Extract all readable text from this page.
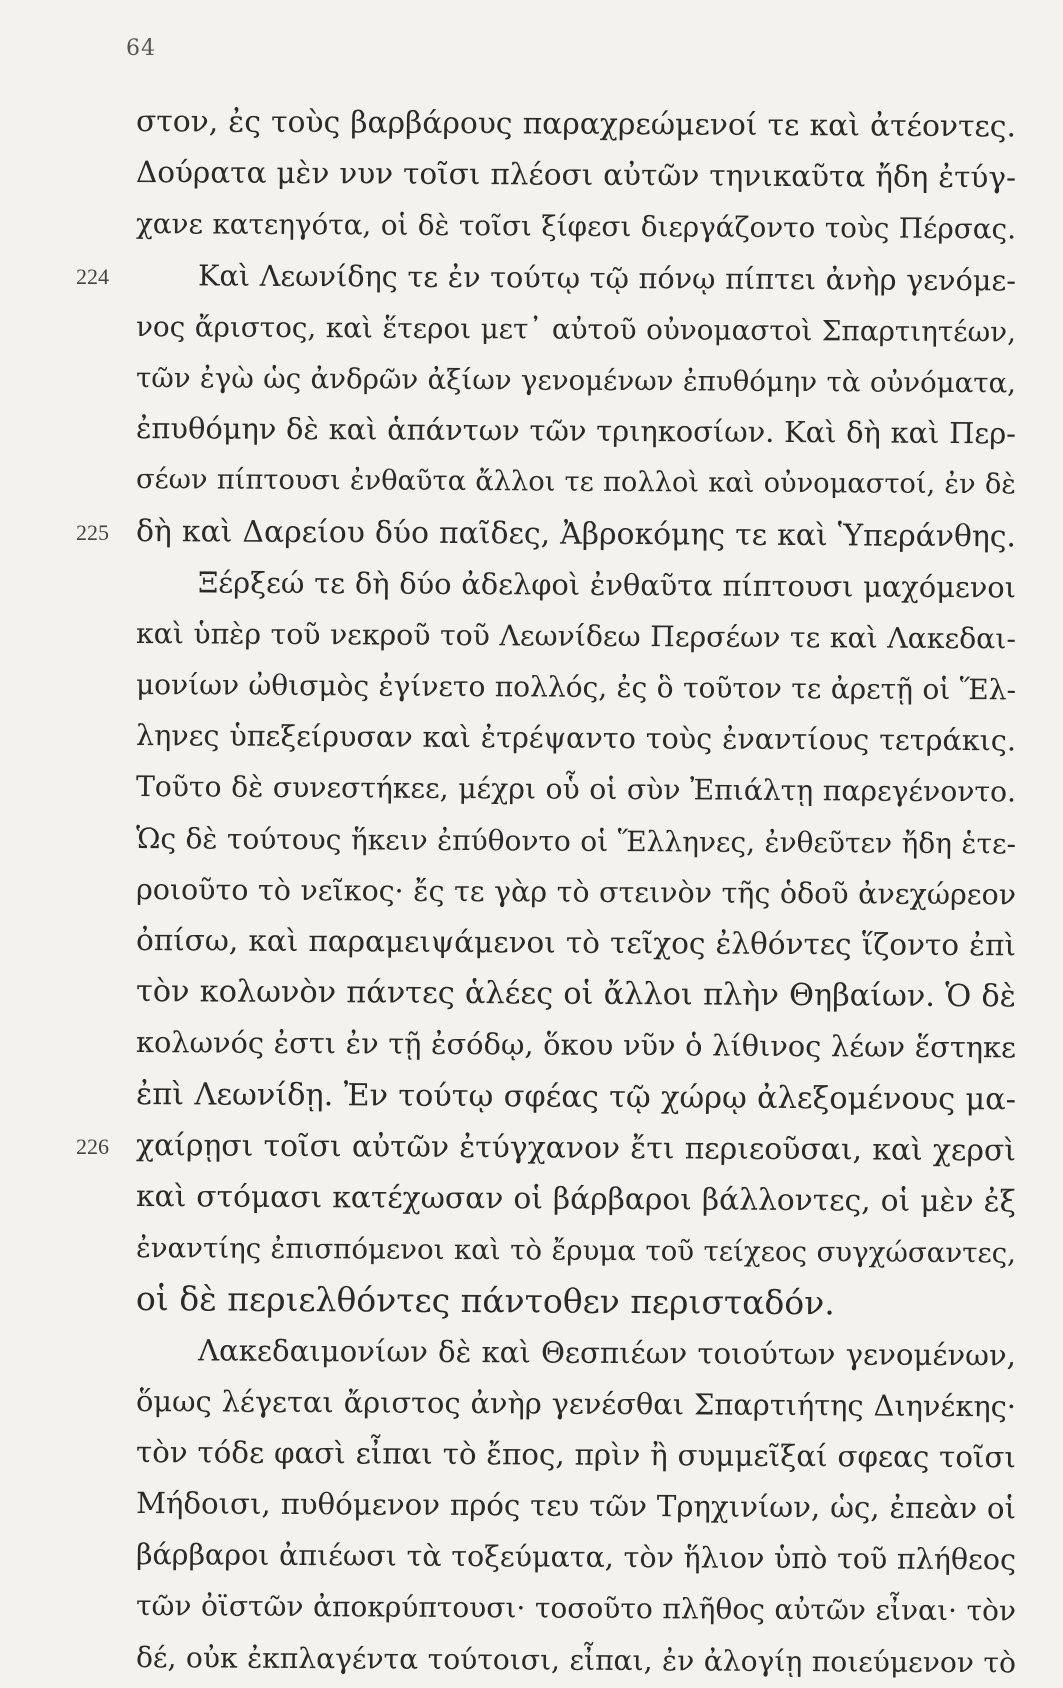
64
στον, ἐς τοὺς βαρβάρους παραχρεώμενοί τε καὶ ἀτέοντες.
Δούρατα μὲν νυν τοῖσι πλέοσι αὐτῶν τηνικαῦτα ἤδη ἐτύγ-
χανε κατεηγότα, οἱ δὲ τοῖσι ξίφεσι διεργάζοντο τοὺς Πέρσας.
Καὶ Λεωνίδης τε ἐν τούτῳ τῷ πόνῳ πίπτει ἀνὴρ γενόμε-
νος ἄριστος, καὶ ἕτεροι μετ᾽ αὐτοῦ οὐνομαστοὶ Σπαρτιητέων,
τῶν ἐγὼ ὡς ἀνδρῶν ἀξίων γενομένων ἐπυθόμην τὰ οὐνόματα,
ἐπυθόμην δὲ καὶ ἁπάντων τῶν τριηκοσίων. Καὶ δὴ καὶ Περ-
σέων πίπτουσι ἐνθαῦτα ἄλλοι τε πολλοὶ καὶ οὐνομαστοί, ἐν δὲ
δὴ καὶ Δαρείου δύο παῖδες, Ἀβροκόμης τε καὶ Ὑπεράνθης.
Ξέρξεώ τε δὴ δύο ἀδελφοὶ ἐνθαῦτα πίπτουσι μαχόμενοι
καὶ ὑπὲρ τοῦ νεκροῦ τοῦ Λεωνίδεω Περσέων τε καὶ Λακεδαι-
μονίων ὠθισμὸς ἐγίνετο πολλός, ἐς ὃ τοῦτον τε ἀρετῇ οἱ Ἕλ-
ληνες ὑπεξείρυσαν καὶ ἐτρέψαντο τοὺς ἐναντίους τετράκις.
Τοῦτο δὲ συνεστήκεε, μέχρι οὗ οἱ σὺν Ἐπιάλτῃ παρεγένοντο.
Ὡς δὲ τούτους ἥκειν ἐπύθοντο οἱ Ἕλληνες, ἐνθεῦτεν ἤδη ἑτε-
ροιοῦτο τὸ νεῖκος· ἔς τε γὰρ τὸ στεινὸν τῆς ὁδοῦ ἀνεχώρεον
ὀπίσω, καὶ παραμειψάμενοι τὸ τεῖχος ἐλθόντες ἵζοντο ἐπὶ
τὸν κολωνὸν πάντες ἁλέες οἱ ἄλλοι πλὴν Θηβαίων. Ὁ δὲ
κολωνός ἐστι ἐν τῇ ἐσόδῳ, ὅκου νῦν ὁ λίθινος λέων ἕστηκε
ἐπὶ Λεωνίδῃ. Ἐν τούτῳ σφέας τῷ χώρῳ ἀλεξομένους μα-
χαίρῃσι τοῖσι αὐτῶν ἐτύγχανον ἔτι περιεοῦσαι, καὶ χερσὶ
καὶ στόμασι κατέχωσαν οἱ βάρβαροι βάλλοντες, οἱ μὲν ἐξ
ἐναντίης ἐπισπόμενοι καὶ τὸ ἔρυμα τοῦ τείχεος συγχώσαντες,
οἱ δὲ περιελθόντες πάντοθεν περισταδόν.
Λακεδαιμονίων δὲ καὶ Θεσπιέων τοιούτων γενομένων,
ὅμως λέγεται ἄριστος ἀνὴρ γενέσθαι Σπαρτιήτης Διηνέκης·
τὸν τόδε φασὶ εἶπαι τὸ ἔπος, πρὶν ἢ συμμεῖξαί σφεας τοῖσι
Μήδοισι, πυθόμενον πρός τευ τῶν Τρηχινίων, ὡς, ἐπεὰν οἱ
βάρβαροι ἀπιέωσι τὰ τοξεύματα, τὸν ἥλιον ὑπὸ τοῦ πλήθεος
τῶν ὀϊστῶν ἀποκρύπτουσι· τοσοῦτο πλῆθος αὐτῶν εἶναι· τὸν
δέ, οὐκ ἐκπλαγέντα τούτοισι, εἶπαι, ἐν ἀλογίῃ ποιεύμενον τὸ
224
225
226
